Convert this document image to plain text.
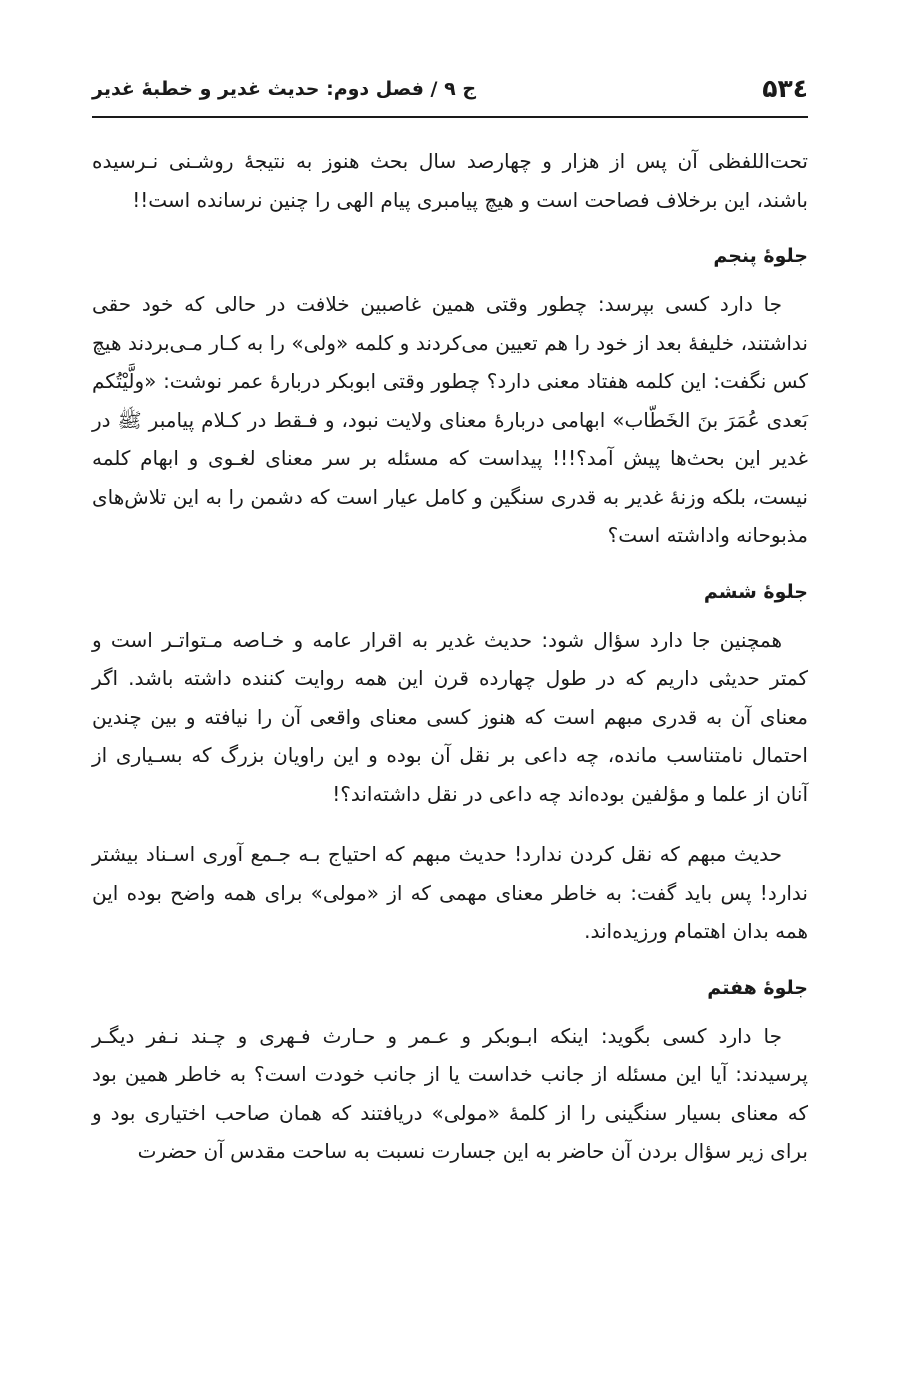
۵۳٤
ج ۹ / فصل دوم: حدیث غدیر و خطبهٔ غدیر

تحت‌اللفظی آن پس از هزار و چهارصد سال بحث هنوز به نتیجهٔ روشـنی نـرسیده باشند، این برخلاف فصاحت است و هیچ پیامبری پیام الهی را چنین نرسانده است!!

جلوهٔ پنجم

جا دارد کسی بپرسد: چطور وقتی همین غاصبین خلافت در حالی که خود حقی نداشتند، خلیفهٔ بعد از خود را هم تعیین می‌کردند و کلمه «ولی» را به کـار مـی‌بردند هیچ کس نگفت: این کلمه هفتاد معنی دارد؟ چطور وقتی ابوبکر دربارهٔ عمر نوشت: «ولَّیْتُکم بَعدی عُمَرَ بنَ الخَطّاب» ابهامی دربارهٔ معنای ولایت نبود، و فـقط در کـلام پیامبر ﷺ در غدیر این بحث‌ها پیش آمد؟!!! پیداست که مسئله بر سر معنای لغـوی و ابهام کلمه نیست، بلکه وزنهٔ غدیر به قدری سنگین و کامل عیار است که دشمن را به این تلاش‌های مذبوحانه واداشته است؟

جلوهٔ ششم

همچنین جا دارد سؤال شود: حدیث غدیر به اقرار عامه و خـاصه مـتواتـر است و کمتر حدیثی داریم که در طول چهارده قرن این همه روایت کننده داشته باشد. اگر معنای آن به قدری مبهم است که هنوز کسی معنای واقعی آن را نیافته و بین چندین احتمال نامتناسب مانده، چه داعی بر نقل آن بوده و این راویان بزرگ که بسـیاری از آنان از علما و مؤلفین بوده‌اند چه داعی در نقل داشته‌اند؟!

حدیث مبهم که نقل کردن ندارد! حدیث مبهم که احتیاج بـه جـمع آوری اسـناد بیشتر ندارد! پس باید گفت: به خاطر معنای مهمی که از «مولی» برای همه واضح بوده این همه بدان اهتمام ورزیده‌اند.

جلوهٔ هفتم

جا دارد کسی بگوید: اینکه ابـوبکر و عـمر و حـارث فـهری و چـند نـفر دیگـر پرسیدند: آیا این مسئله از جانب خداست یا از جانب خودت است؟ به خاطر همین بود که معنای بسیار سنگینی را از کلمهٔ «مولی» دریافتند که همان صاحب اختیاری بود و برای زیر سؤال بردن آن حاضر به این جسارت نسبت به ساحت مقدس آن حضرت
